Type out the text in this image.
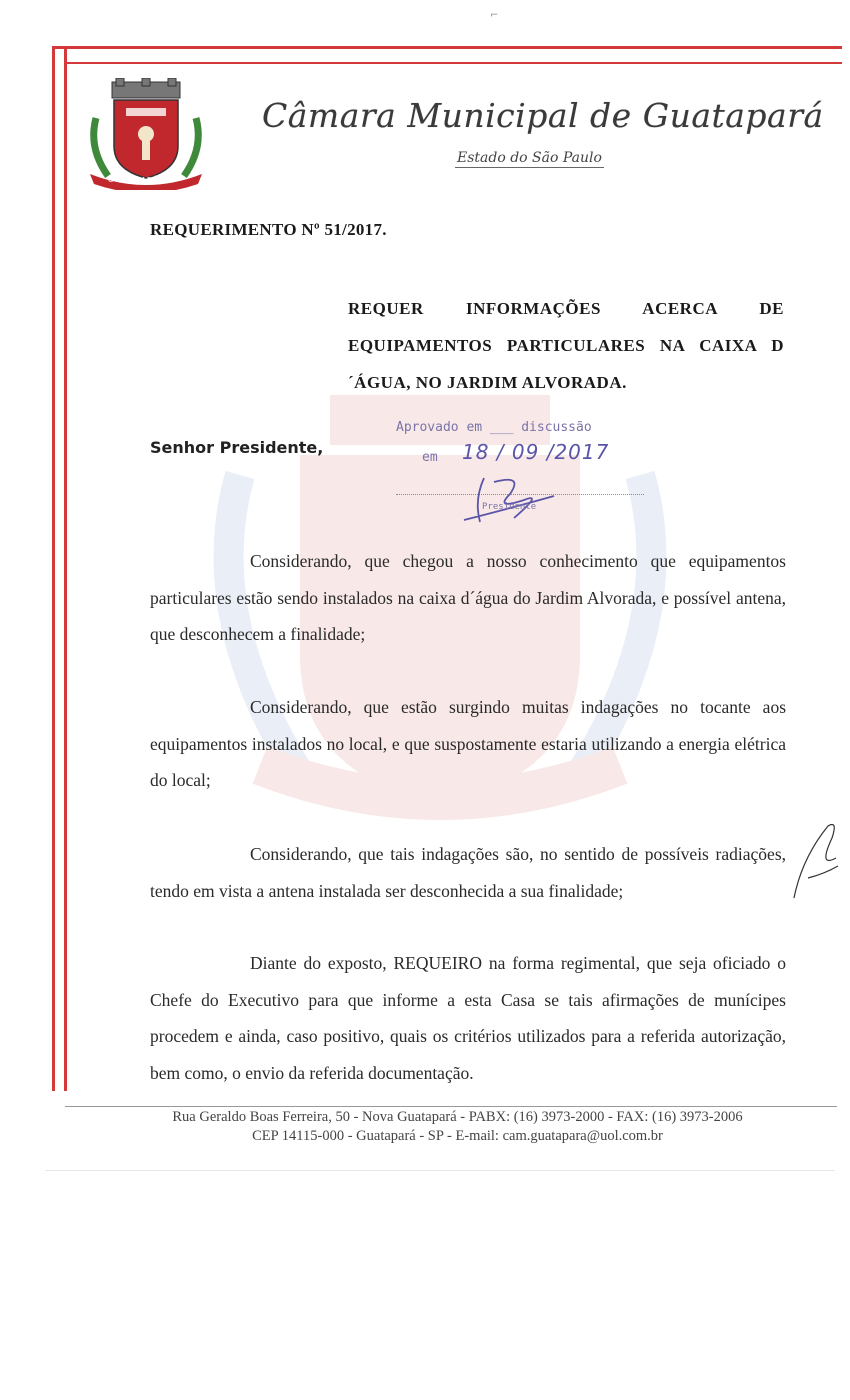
⌐
GUATAPARÁ
Câmara Municipal de Guatapará
Estado do São Paulo
REQUERIMENTO Nº 51/2017.
REQUER INFORMAÇÕES ACERCA DE EQUIPAMENTOS PARTICULARES NA CAIXA D´ÁGUA, NO JARDIM ALVORADA.
Senhor Presidente,
Aprovado em ___ discussão
em 18 / 09 /2017
Presidente
Considerando, que chegou a nosso conhecimento que equipamentos particulares estão sendo instalados na caixa d´água do Jardim Alvorada, e possível antena, que desconhecem a finalidade;
Considerando, que estão surgindo muitas indagações no tocante aos equipamentos instalados no local, e que suspostamente estaria utilizando a energia elétrica do local;
Considerando, que tais indagações são, no sentido de possíveis radiações, tendo em vista a antena instalada ser desconhecida a sua finalidade;
Diante do exposto, REQUEIRO na forma regimental, que seja oficiado o Chefe do Executivo para que informe a esta Casa se tais afirmações de munícipes procedem e ainda, caso positivo, quais os critérios utilizados para a referida autorização, bem como, o envio da referida documentação.
Rua Geraldo Boas Ferreira, 50 - Nova Guatapará - PABX: (16) 3973-2000 - FAX: (16) 3973-2006
CEP 14115-000 - Guatapará - SP - E-mail: cam.guatapara@uol.com.br
